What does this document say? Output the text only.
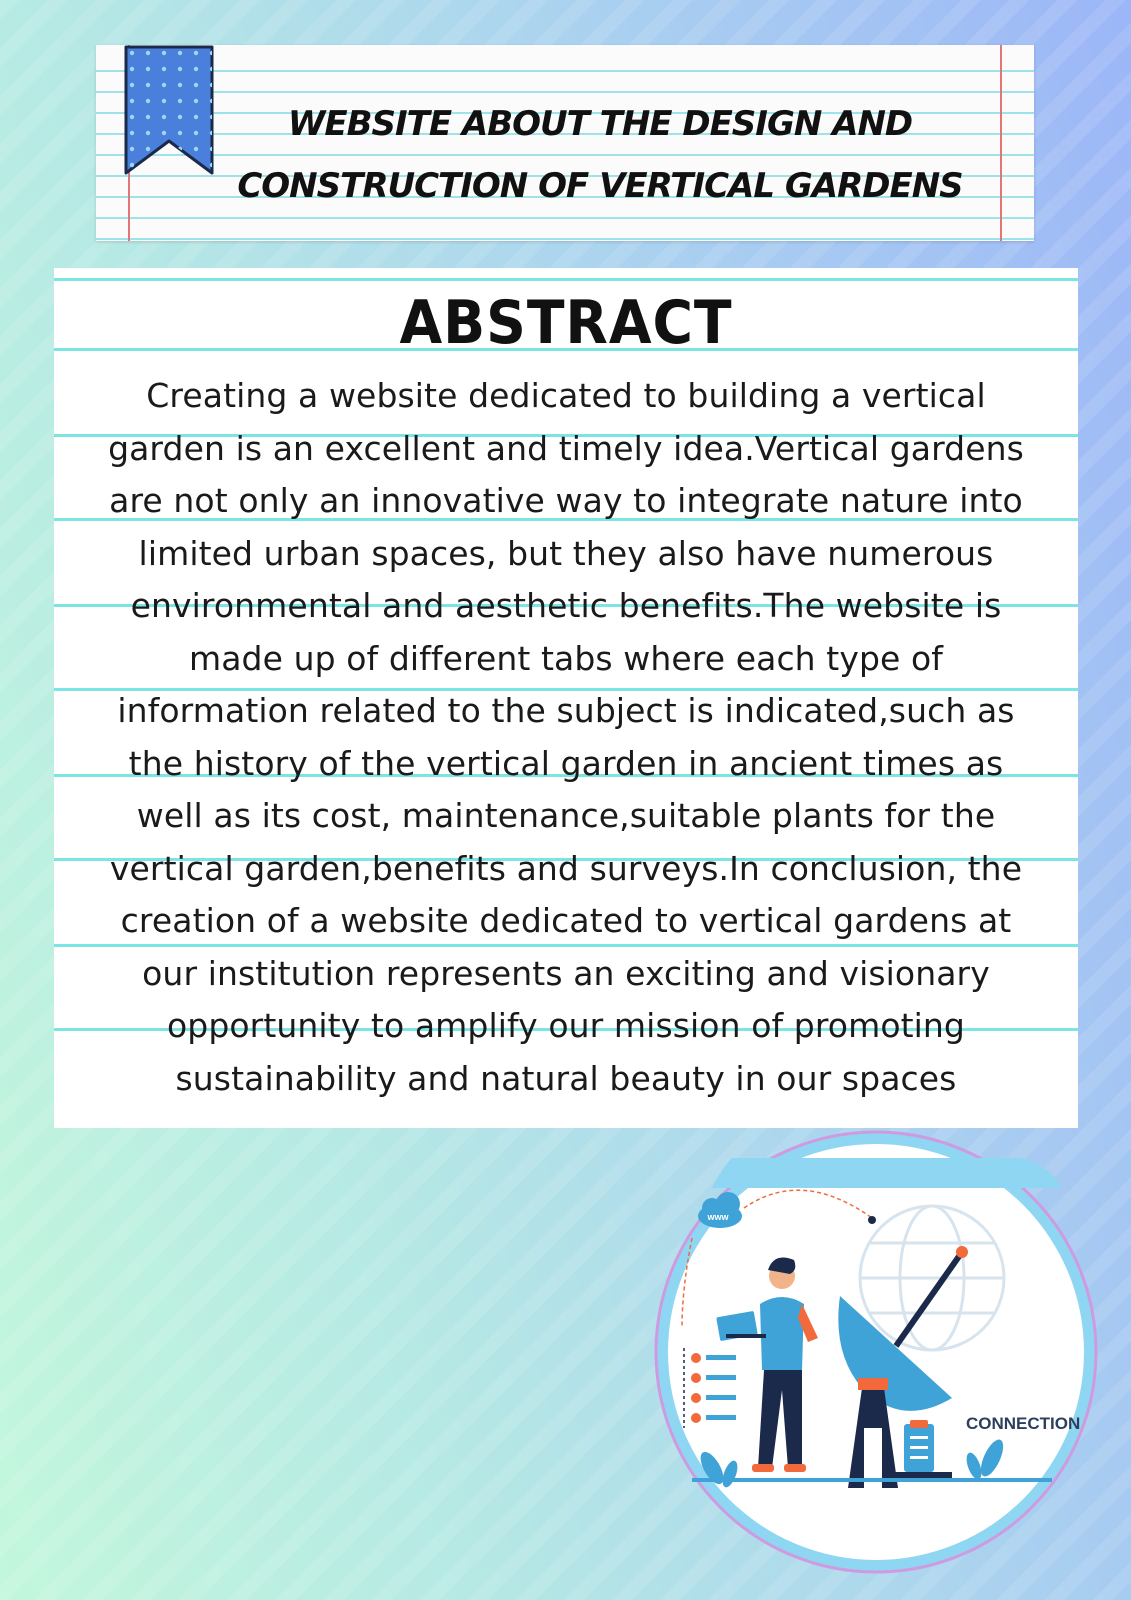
WEBSITE ABOUT THE DESIGN AND
CONSTRUCTION OF VERTICAL GARDENS
ABSTRACT
Creating a website dedicated to building a vertical garden is an excellent and timely idea.Vertical gardens are not only an innovative way to integrate nature into limited urban spaces, but they also have numerous environmental and aesthetic benefits.The website is made up of different tabs where each type of information related to the subject is indicated,such as the history of the vertical garden in ancient times as well as its cost, maintenance,suitable plants for the vertical garden,benefits and surveys.In conclusion, the creation of a website dedicated to vertical gardens at our institution represents an exciting and visionary opportunity to amplify our mission of promoting sustainability and natural beauty in our spaces
www
CONNECTION
